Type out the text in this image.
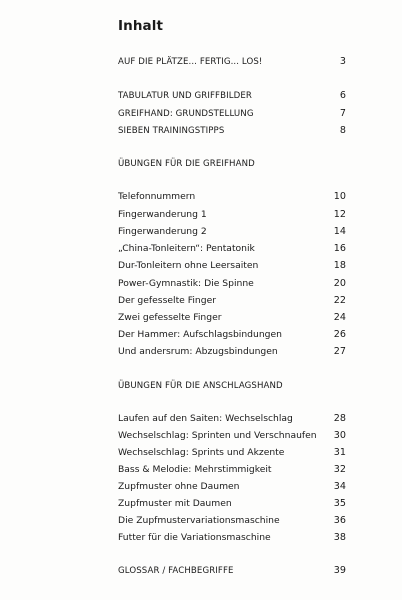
Inhalt
AUF DIE PLÄTZE... FERTIG... LOS!	3
TABULATUR UND GRIFFBILDER	6
GREIFHAND: GRUNDSTELLUNG	7
SIEBEN TRAININGSTIPPS	8
ÜBUNGEN FÜR DIE GREIFHAND
Telefonnummern	10
Fingerwanderung 1	12
Fingerwanderung 2	14
„China-Tonleitern“: Pentatonik	16
Dur-Tonleitern ohne Leersaiten	18
Power-Gymnastik: Die Spinne	20
Der gefesselte Finger	22
Zwei gefesselte Finger	24
Der Hammer: Aufschlagsbindungen	26
Und andersrum: Abzugsbindungen	27
ÜBUNGEN FÜR DIE ANSCHLAGSHAND
Laufen auf den Saiten: Wechselschlag	28
Wechselschlag: Sprinten und Verschnaufen 30
Wechselschlag: Sprints und Akzente	31
Bass & Melodie: Mehrstimmigkeit	32
Zupfmuster ohne Daumen	34
Zupfmuster mit Daumen	35
Die Zupfmustervariationsmaschine	36
Futter für die Variationsmaschine	38
GLOSSAR / FACHBEGRIFFE	39
